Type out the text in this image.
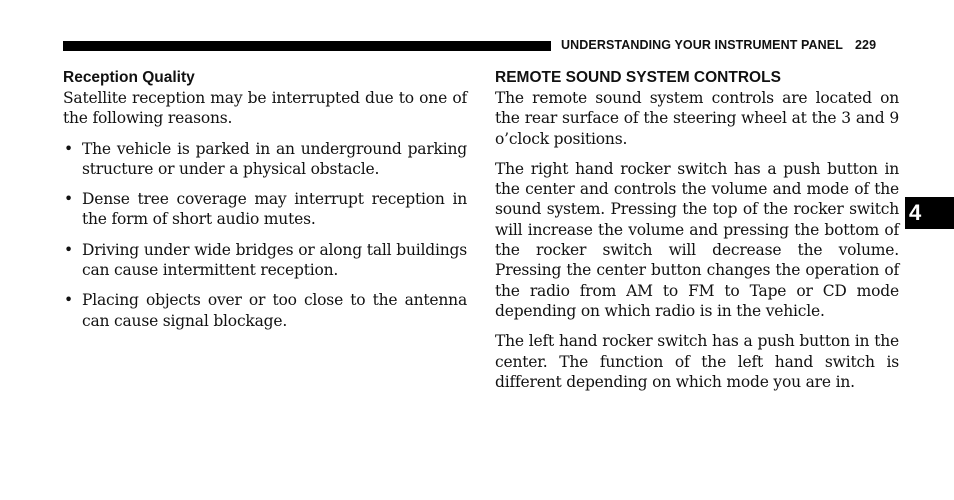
UNDERSTANDING YOUR INSTRUMENT PANEL 229
Reception Quality

Satellite reception may be interrupted due to one of the following reasons.

• The vehicle is parked in an underground parking structure or under a physical obstacle.
• Dense tree coverage may interrupt reception in the form of short audio mutes.
• Driving under wide bridges or along tall buildings can cause intermittent reception.
• Placing objects over or too close to the antenna can cause signal blockage.
REMOTE SOUND SYSTEM CONTROLS

The remote sound system controls are located on the rear surface of the steering wheel at the 3 and 9 o’clock positions.

The right hand rocker switch has a push button in the center and controls the volume and mode of the sound system. Pressing the top of the rocker switch will increase the volume and pressing the bottom of the rocker switch will decrease the volume. Pressing the center button changes the operation of the radio from AM to FM to Tape or CD mode depending on which radio is in the vehicle.

The left hand rocker switch has a push button in the center. The function of the left hand switch is different depending on which mode you are in.

4
